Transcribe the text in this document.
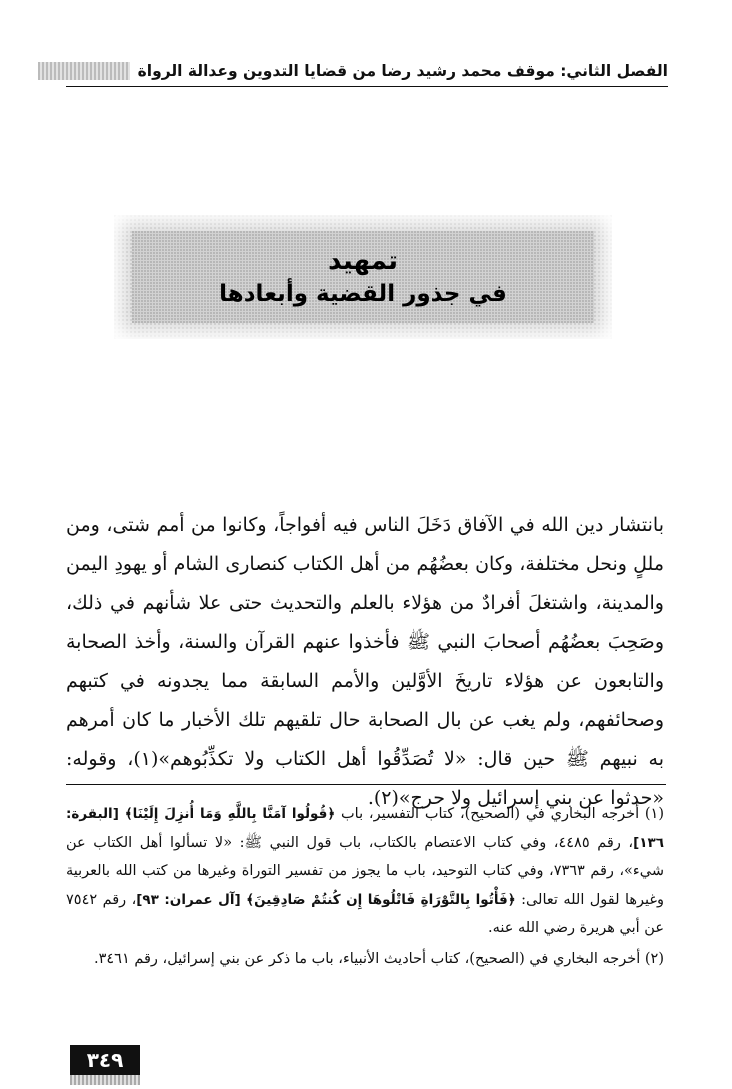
الفصل الثاني: موقف محمد رشيد رضا من قضايا التدوين وعدالة الرواة
تمهيد
في جذور القضية وأبعادها

بانتشار دين الله في الآفاق دَخَلَ الناس فيه أفواجاً، وكانوا من أمم شتى، ومن مللٍ ونحل مختلفة، وكان بعضُهُم من أهل الكتاب كنصارى الشام أو يهودِ اليمن والمدينة، واشتغلَ أفرادٌ من هؤلاء بالعلم والتحديث حتى علا شأنهم في ذلك، وصَحِبَ بعضُهُم أصحابَ النبي ﷺ فأخذوا عنهم القرآن والسنة، وأخذ الصحابة والتابعون عن هؤلاء تاريخَ الأوَّلين والأمم السابقة مما يجدونه في كتبهم وصحائفهم، ولم يغب عن بال الصحابة حال تلقيهم تلك الأخبار ما كان أمرهم به نبيهم ﷺ حين قال: «لا تُصَدِّقُوا أهل الكتاب ولا تكذِّبُوهم»(١)، وقوله: «حدثوا عن بني إسرائيل ولا حرج»(٢).

(١) أخرجه البخاري في (الصحيح)، كتاب التفسير، باب ﴿قُولُوا آمَنَّا بِاللَّهِ وَمَا أُنزِلَ إِلَيْنَا﴾ [البقرة: ١٣٦]، رقم ٤٤٨٥، وفي كتاب الاعتصام بالكتاب، باب قول النبي ﷺ: «لا تسألوا أهل الكتاب عن شيء»، رقم ٧٣٦٣، وفي كتاب التوحيد، باب ما يجوز من تفسير التوراة وغيرها من كتب الله بالعربية وغيرها لقول الله تعالى: ﴿فَأْتُوا بِالتَّوْرَاةِ فَاتْلُوهَا إِن كُنتُمْ صَادِقِينَ﴾ [آل عمران: ٩٣]، رقم ٧٥٤٢ عن أبي هريرة رضي الله عنه.

(٢) أخرجه البخاري في (الصحيح)، كتاب أحاديث الأنبياء، باب ما ذكر عن بني إسرائيل، رقم ٣٤٦١.

٣٤٩
